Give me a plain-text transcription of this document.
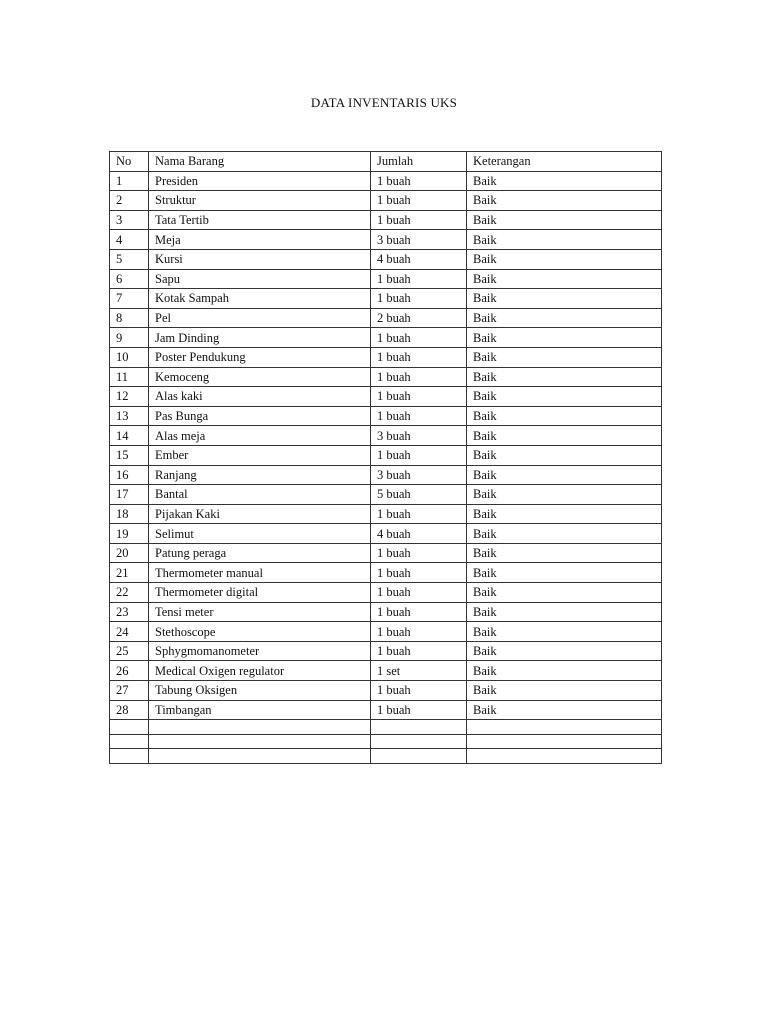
DATA INVENTARIS UKS
No	Nama Barang	Jumlah	Keterangan
1	Presiden	1 buah	Baik
2	Struktur	1 buah	Baik
3	Tata Tertib	1 buah	Baik
4	Meja	3 buah	Baik
5	Kursi	4 buah	Baik
6	Sapu	1 buah	Baik
7	Kotak Sampah	1 buah	Baik
8	Pel	2 buah	Baik
9	Jam Dinding	1 buah	Baik
10	Poster Pendukung	1 buah	Baik
11	Kemoceng	1 buah	Baik
12	Alas kaki	1 buah	Baik
13	Pas Bunga	1 buah	Baik
14	Alas meja	3 buah	Baik
15	Ember	1 buah	Baik
16	Ranjang	3 buah	Baik
17	Bantal	5 buah	Baik
18	Pijakan Kaki	1 buah	Baik
19	Selimut	4 buah	Baik
20	Patung peraga	1 buah	Baik
21	Thermometer manual	1 buah	Baik
22	Thermometer digital	1 buah	Baik
23	Tensi meter	1 buah	Baik
24	Stethoscope	1 buah	Baik
25	Sphygmomanometer	1 buah	Baik
26	Medical Oxigen regulator	1 set	Baik
27	Tabung Oksigen	1 buah	Baik
28	Timbangan	1 buah	Baik
